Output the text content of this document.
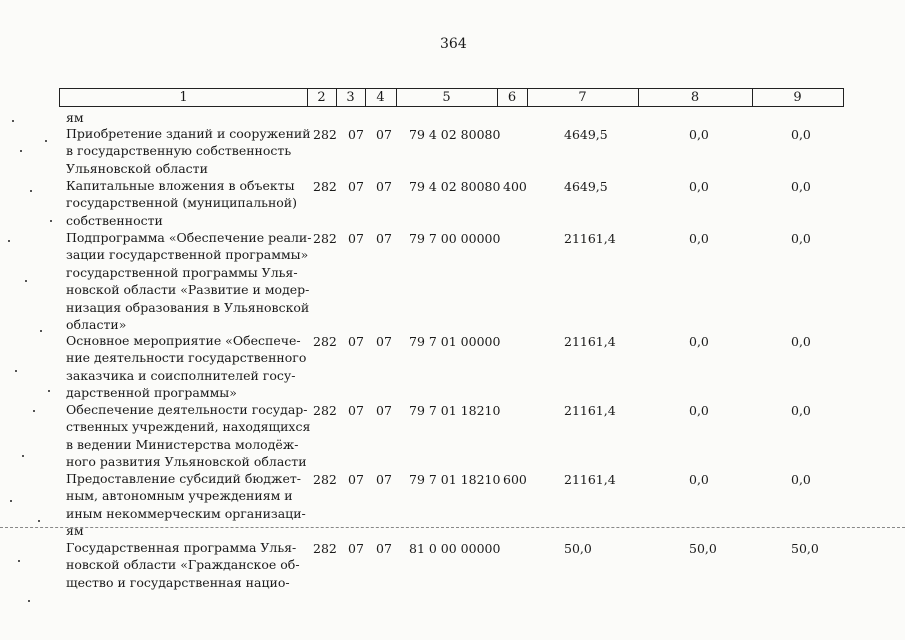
364
1	2	3	4	5	6	7	8	9
ям
Приобретение зданий и сооружений
в государственную собственность
Ульяновской области
282 07 07 79 4 02 80080	4649,5	0,0	0,0
Капитальные вложения в объекты
государственной (муниципальной)
собственности
282 07 07 79 4 02 80080 400	4649,5	0,0	0,0
Подпрограмма «Обеспечение реали-
зации государственной программы»
государственной программы Улья-
новской области «Развитие и модер-
низация образования в Ульяновской
области»
282 07 07 79 7 00 00000	21161,4	0,0	0,0
Основное мероприятие «Обеспече-
ние деятельности государственного
заказчика и соисполнителей госу-
дарственной программы»
282 07 07 79 7 01 00000	21161,4	0,0	0,0
Обеспечение деятельности государ-
ственных учреждений, находящихся
в ведении Министерства молодёж-
ного развития Ульяновской области
282 07 07 79 7 01 18210	21161,4	0,0	0,0
Предоставление субсидий бюджет-
ным, автономным учреждениям и
иным некоммерческим организаци-
ям
282 07 07 79 7 01 18210 600	21161,4	0,0	0,0
Государственная программа Улья-
новской области «Гражданское об-
щество и государственная нацио-
282 07 07 81 0 00 00000	50,0	50,0	50,0
